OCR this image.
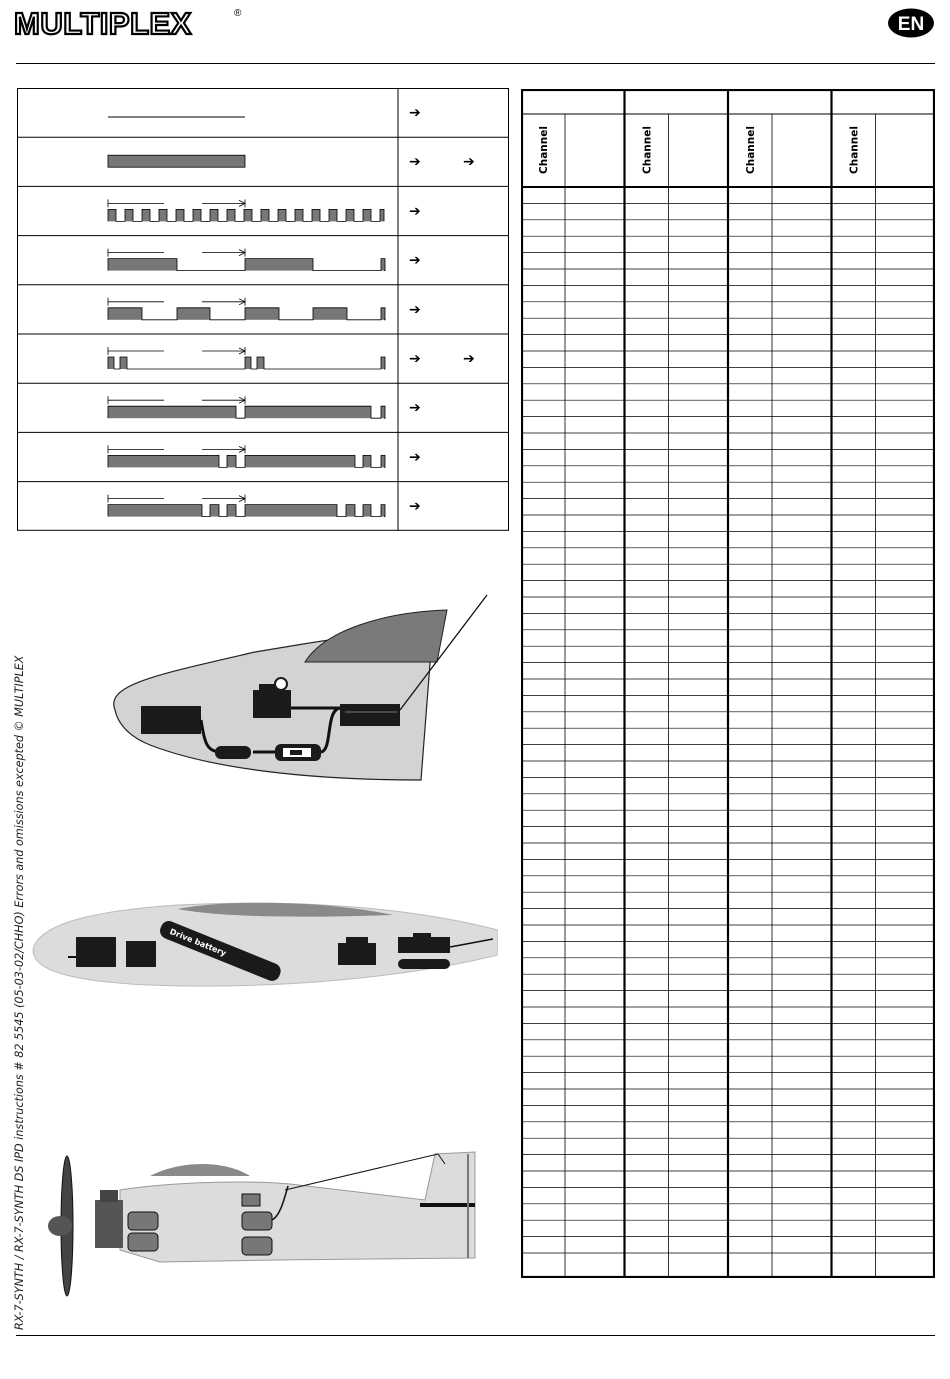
MULTIPLEX	®
EN
RX-7-SYNTH / RX-7-SYNTH DS IPD instructions # 82 5545 (05-03-02/CHHO) Errors and omissions excepted © MULTIPLEX
➔
➔	➔
➔
➔
➔
➔	➔
➔
➔
➔
Channel	Channel	Channel	Channel
Drive battery
